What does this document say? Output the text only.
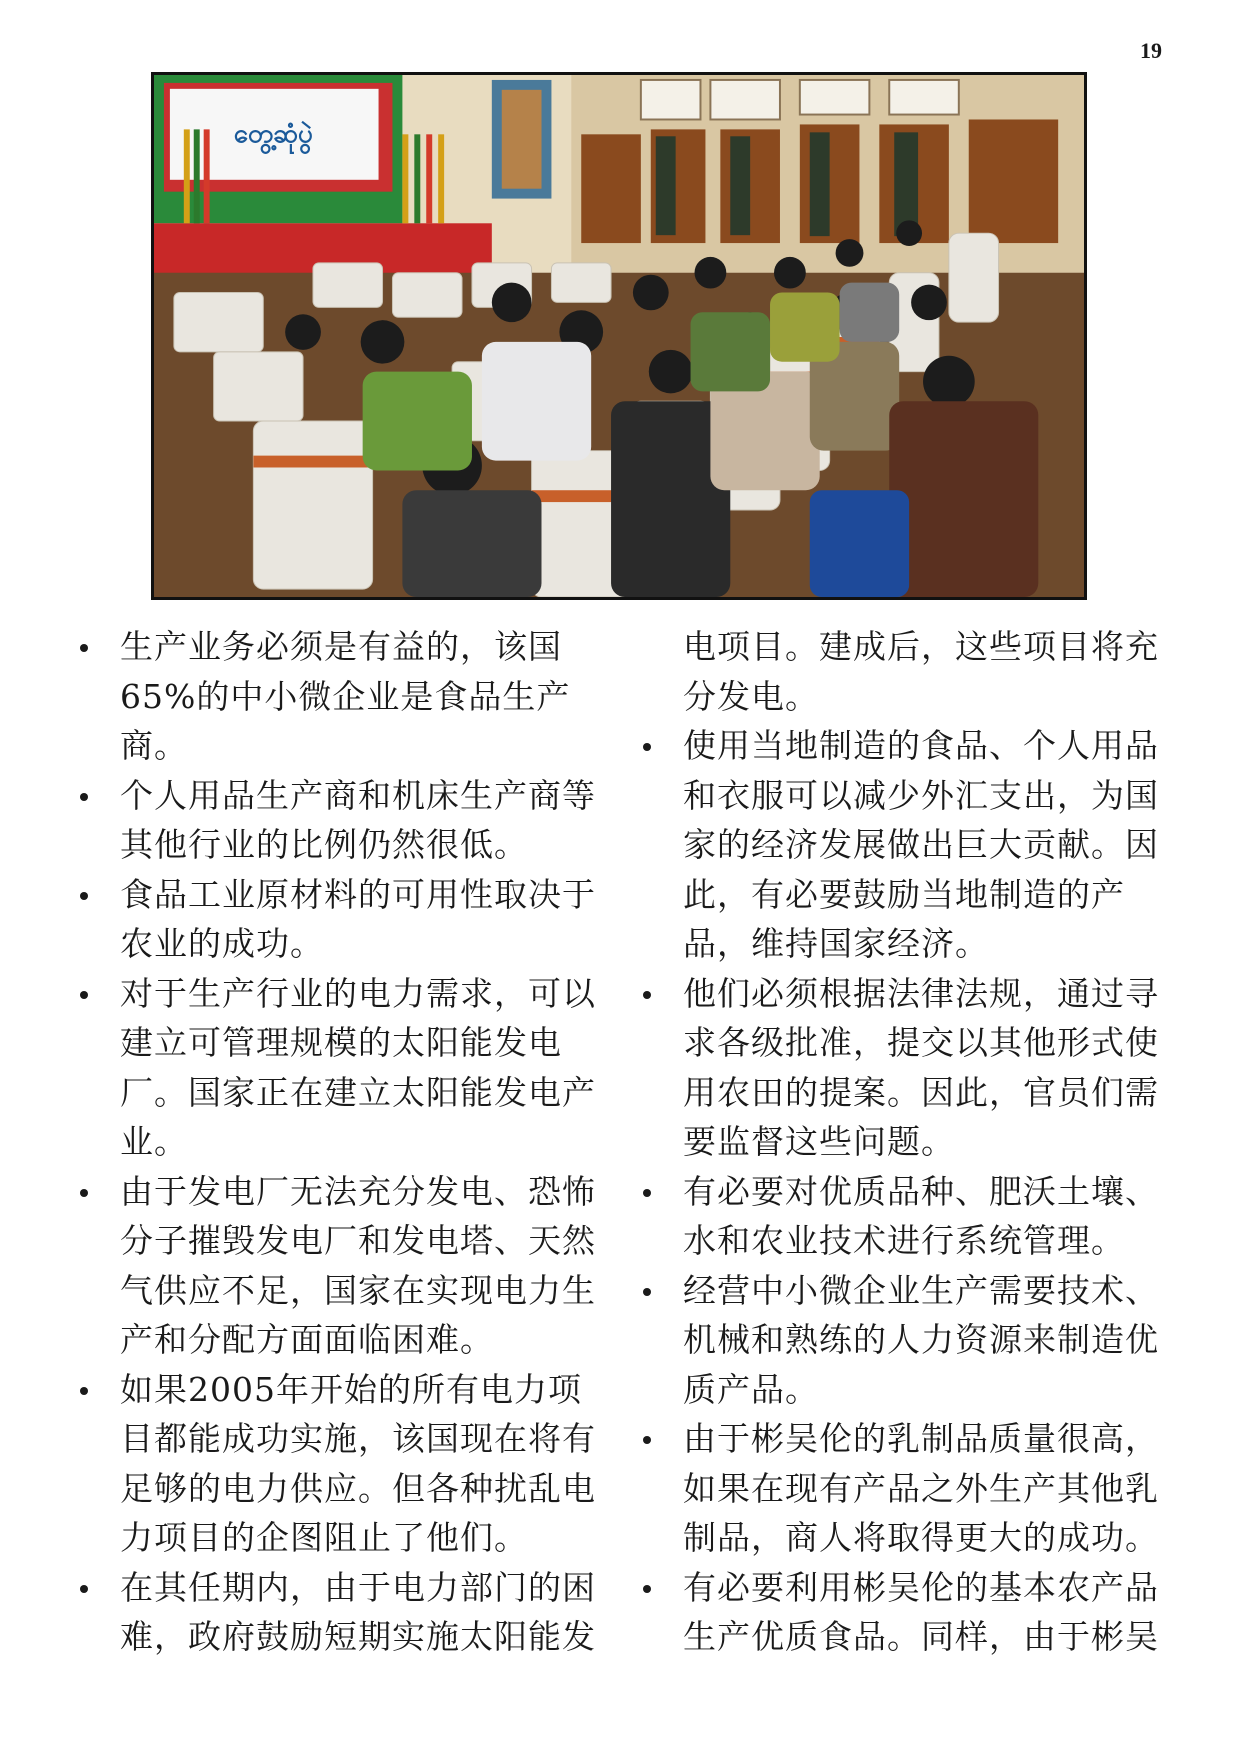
19
တွေ့ဆုံပွဲ
生产业务必须是有益的，该国65%的中小微企业是食品生产商。
个人用品生产商和机床生产商等其他行业的比例仍然很低。
食品工业原材料的可用性取决于农业的成功。
对于生产行业的电力需求，可以建立可管理规模的太阳能发电厂。国家正在建立太阳能发电产业。
由于发电厂无法充分发电、恐怖分子摧毁发电厂和发电塔、天然气供应不足，国家在实现电力生产和分配方面面临困难。
如果2005年开始的所有电力项目都能成功实施，该国现在将有足够的电力供应。但各种扰乱电力项目的企图阻止了他们。
在其任期内，由于电力部门的困难，政府鼓励短期实施太阳能发
电项目。建成后，这些项目将充分发电。
使用当地制造的食品、个人用品和衣服可以减少外汇支出，为国家的经济发展做出巨大贡献。因此，有必要鼓励当地制造的产品，维持国家经济。
他们必须根据法律法规，通过寻求各级批准，提交以其他形式使用农田的提案。因此，官员们需要监督这些问题。
有必要对优质品种、肥沃土壤、水和农业技术进行系统管理。
经营中小微企业生产需要技术、机械和熟练的人力资源来制造优质产品。
由于彬吴伦的乳制品质量很高，如果在现有产品之外生产其他乳制品，商人将取得更大的成功。
有必要利用彬吴伦的基本农产品生产优质食品。同样，由于彬吴
